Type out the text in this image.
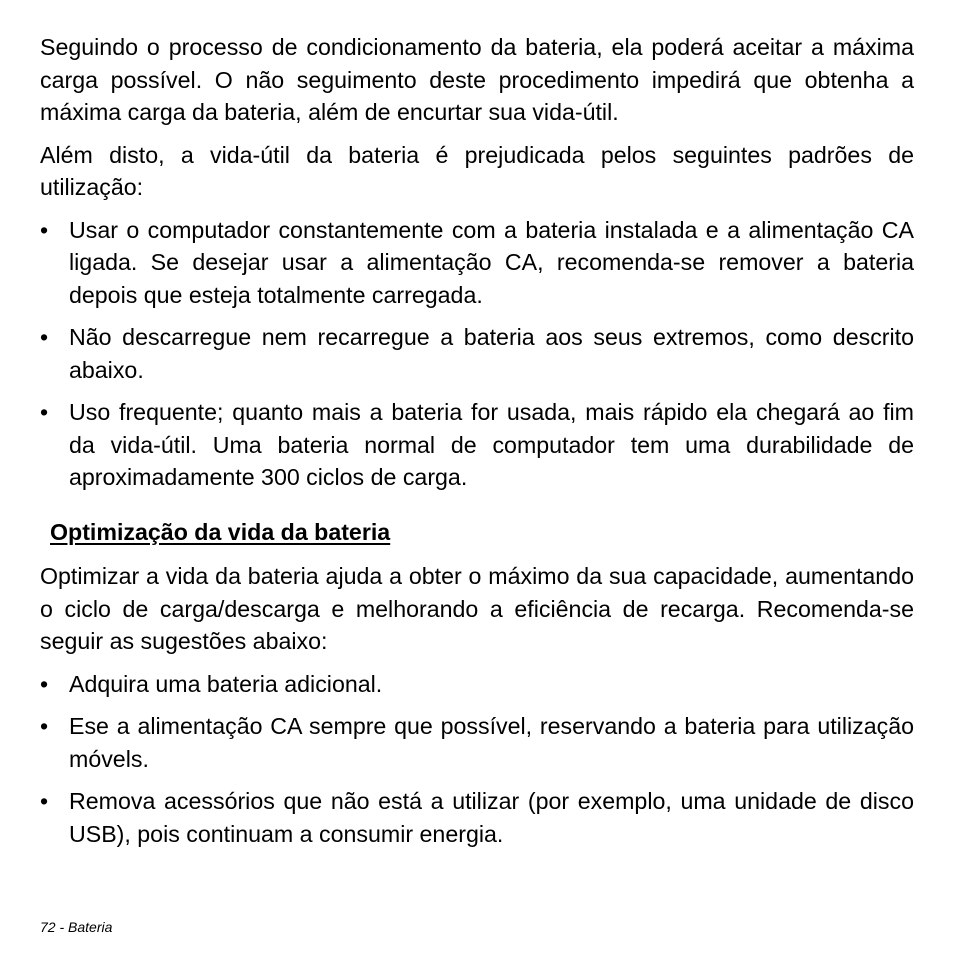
Seguindo o processo de condicionamento da bateria, ela poderá aceitar a máxima carga possível. O não seguimento deste procedimento impedirá que obtenha a máxima carga da bateria, além de encurtar sua vida-útil.

Além disto, a vida-útil da bateria é prejudicada pelos seguintes padrões de utilização:

• Usar o computador constantemente com a bateria instalada e a alimentação CA ligada. Se desejar usar a alimentação CA, recomenda-se remover a bateria depois que esteja totalmente carregada.
• Não descarregue nem recarregue a bateria aos seus extremos, como descrito abaixo.
• Uso frequente; quanto mais a bateria for usada, mais rápido ela chegará ao fim da vida-útil. Uma bateria normal de computador tem uma durabilidade de aproximadamente 300 ciclos de carga.
Optimização da vida da bateria

Optimizar a vida da bateria ajuda a obter o máximo da sua capacidade, aumentando o ciclo de carga/descarga e melhorando a eficiência de recarga. Recomenda-se seguir as sugestões abaixo:

• Adquira uma bateria adicional.
• Ese a alimentação CA sempre que possível, reservando a bateria para utilização móvels.
• Remova acessórios que não está a utilizar (por exemplo, uma unidade de disco USB), pois continuam a consumir energia.
72 - Bateria
